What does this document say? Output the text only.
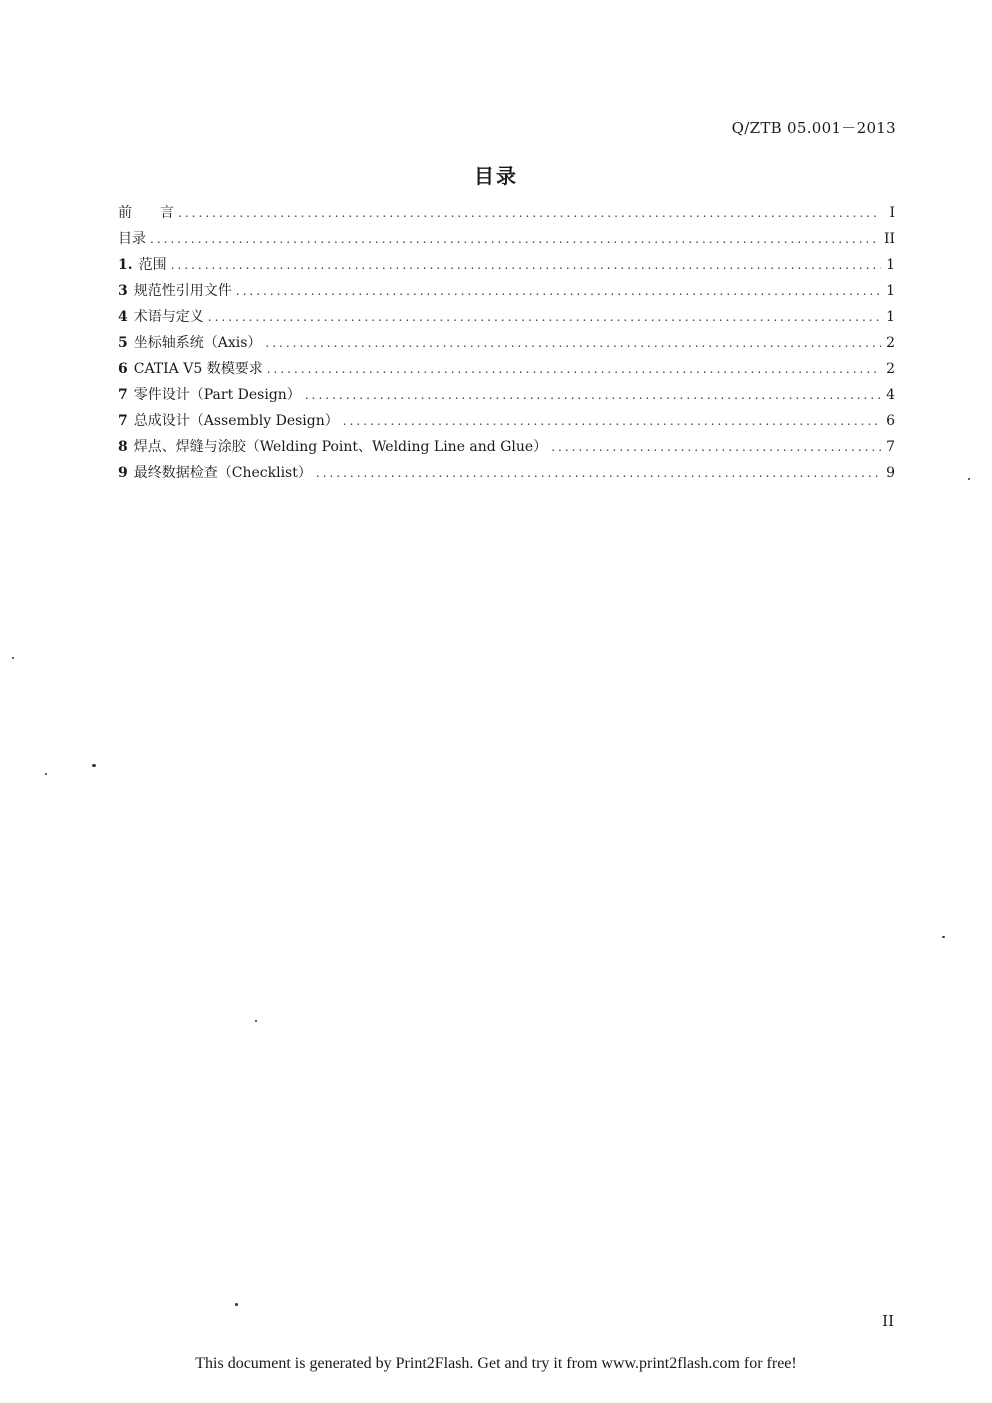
Q/ZTB 05.001－2013
目录
前　　言 .....	I
目录 .....	II
1. 范围 .....	1
3 规范性引用文件 .....	1
4 术语与定义 .....	1
5 坐标轴系统（Axis） .....	2
6 CATIA V5 数模要求 .....	2
7 零件设计（Part Design） .....	4
7 总成设计（Assembly Design） .....	6
8 焊点、焊缝与涂胶（Welding Point、Welding Line and Glue） .....	7
9 最终数据检查（Checklist） .....	9
II
This document is generated by Print2Flash. Get and try it from www.print2flash.com for free!
